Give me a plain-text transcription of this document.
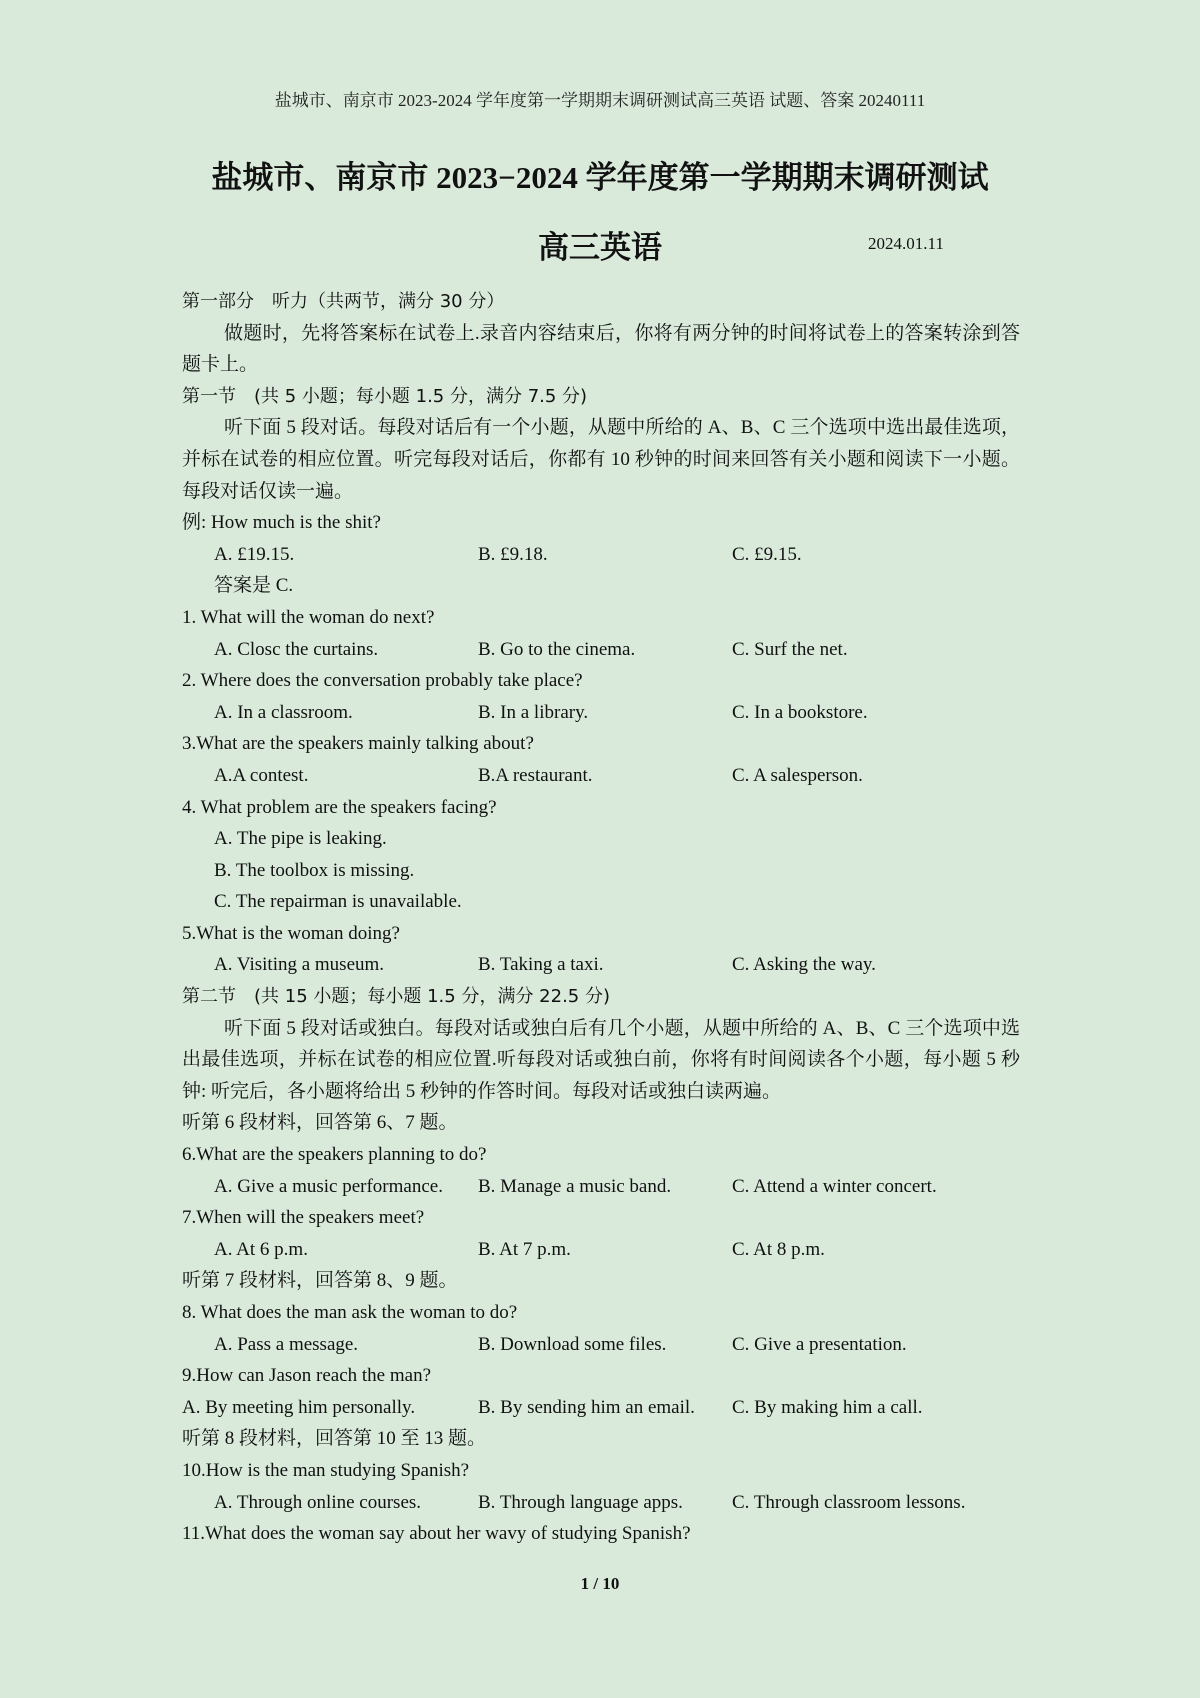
盐城市、南京市 2023-2024 学年度第一学期期末调研测试高三英语 试题、答案 20240111
盐城市、南京市 2023−2024 学年度第一学期期末调研测试
高三英语	2024.01.11
第一部分　听力（共两节，满分 30 分）
做题时，先将答案标在试卷上.录音内容结束后，你将有两分钟的时间将试卷上的答案转涂到答题卡上。
第一节　(共 5 小题；每小题 1.5 分，满分 7.5 分)
听下面 5 段对话。每段对话后有一个小题，从题中所给的 A、B、C 三个选项中选出最佳选项，并标在试卷的相应位置。听完每段对话后，你都有 10 秒钟的时间来回答有关小题和阅读下一小题。每段对话仅读一遍。
例: How much is the shit?
A. £19.15.	B. £9.18.	C. £9.15.
答案是 C.
1. What will the woman do next?
A. Closc the curtains.	B. Go to the cinema.	C. Surf the net.
2. Where does the conversation probably take place?
A. In a classroom.	B. In a library.	C. In a bookstore.
3.What are the speakers mainly talking about?
A.A contest.	B.A restaurant.	C. A salesperson.
4. What problem are the speakers facing?
A. The pipe is leaking.
B. The toolbox is missing.
C. The repairman is unavailable.
5.What is the woman doing?
A. Visiting a museum.	B. Taking a taxi.	C. Asking the way.
第二节　(共 15 小题；每小题 1.5 分，满分 22.5 分)
听下面 5 段对话或独白。每段对话或独白后有几个小题，从题中所给的 A、B、C 三个选项中选出最佳选项，并标在试卷的相应位置.听每段对话或独白前，你将有时间阅读各个小题，每小题 5 秒钟: 听完后，各小题将给出 5 秒钟的作答时间。每段对话或独白读两遍。
听第 6 段材料，回答第 6、7 题。
6.What are the speakers planning to do?
A. Give a music performance. B. Manage a music band.	C. Attend a winter concert.
7.When will the speakers meet?
A. At 6 p.m.	B. At 7 p.m.	C. At 8 p.m.
听第 7 段材料，回答第 8、9 题。
8. What does the man ask the woman to do?
A. Pass a message.	B. Download some files.	C. Give a presentation.
9.How can Jason reach the man?
A. By meeting him personally.	B. By sending him an email. C. By making him a call.
听第 8 段材料，回答第 10 至 13 题。
10.How is the man studying Spanish?
A. Through online courses.	B. Through language apps.	C. Through classroom lessons.
11.What does the woman say about her wavy of studying Spanish?
1 / 10
